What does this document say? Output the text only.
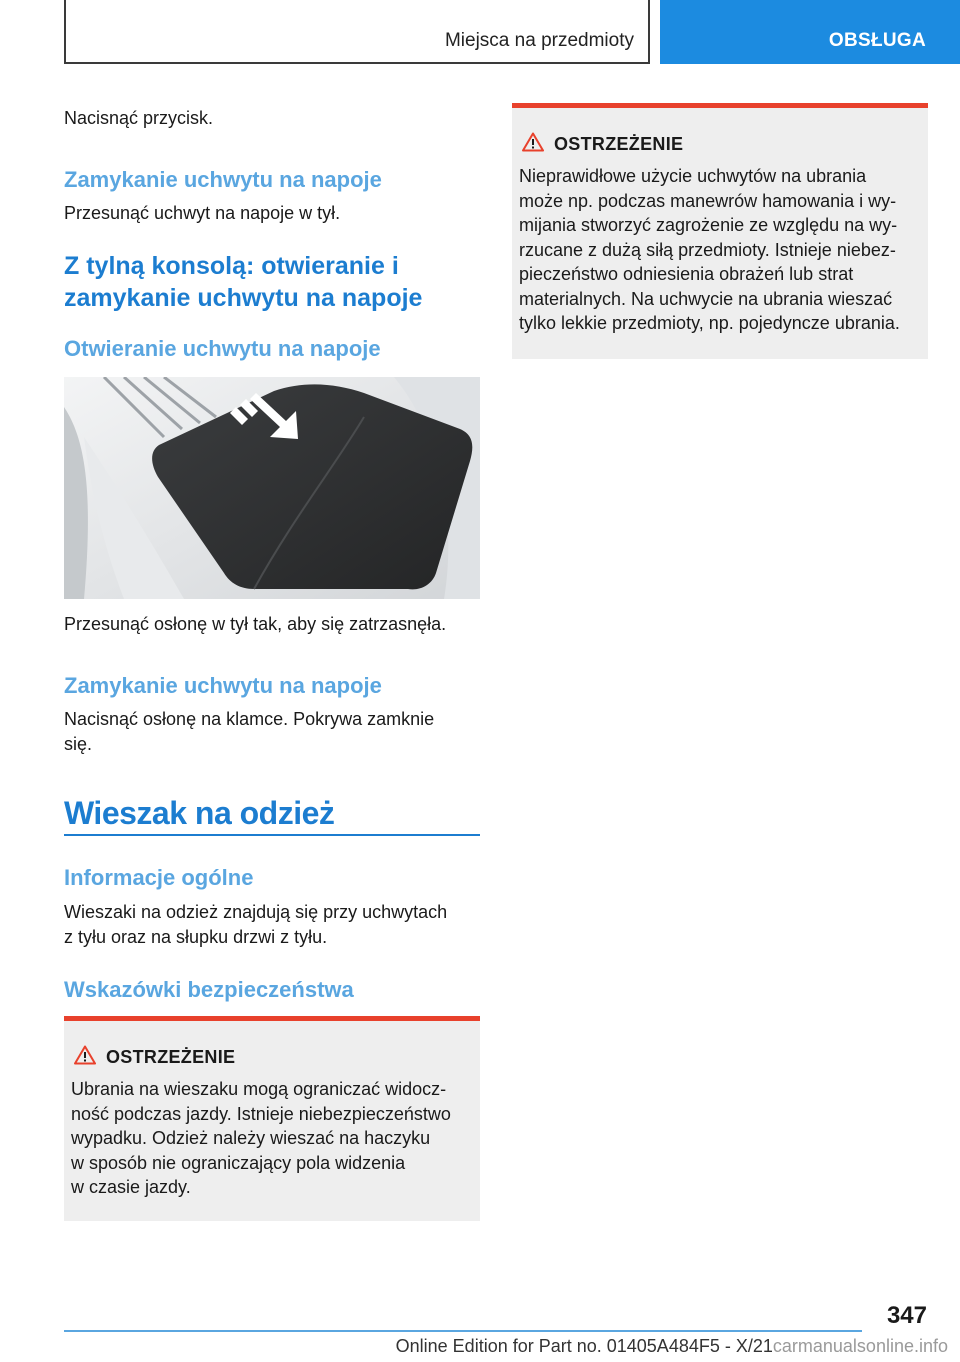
Miejsca na przedmioty	OBSŁUGA
Nacisnąć przycisk.
Zamykanie uchwytu na napoje
Przesunąć uchwyt na napoje w tył.
Z tylną konsolą: otwieranie i
zamykanie uchwytu na napoje
Otwieranie uchwytu na napoje
Przesunąć osłonę w tył tak, aby się zatrzasnęła.
Zamykanie uchwytu na napoje
Nacisnąć osłonę na klamce. Pokrywa zamknie
się.
Wieszak na odzież
Informacje ogólne
Wieszaki na odzież znajdują się przy uchwytach
z tyłu oraz na słupku drzwi z tyłu.
Wskazówki bezpieczeństwa
OSTRZEŻENIE
Ubrania na wieszaku mogą ograniczać widocz-
ność podczas jazdy. Istnieje niebezpieczeństwo
wypadku. Odzież należy wieszać na haczyku
w sposób nie ograniczający pola widzenia
w czasie jazdy.
OSTRZEŻENIE
Nieprawidłowe użycie uchwytów na ubrania
może np. podczas manewrów hamowania i wy-
mijania stworzyć zagrożenie ze względu na wy-
rzucane z dużą siłą przedmioty. Istnieje niebez-
pieczeństwo odniesienia obrażeń lub strat
materialnych. Na uchwycie na ubrania wieszać
tylko lekkie przedmioty, np. pojedyncze ubrania.
347
Online Edition for Part no. 01405A484F5 - X/21carmanualsonline.info
